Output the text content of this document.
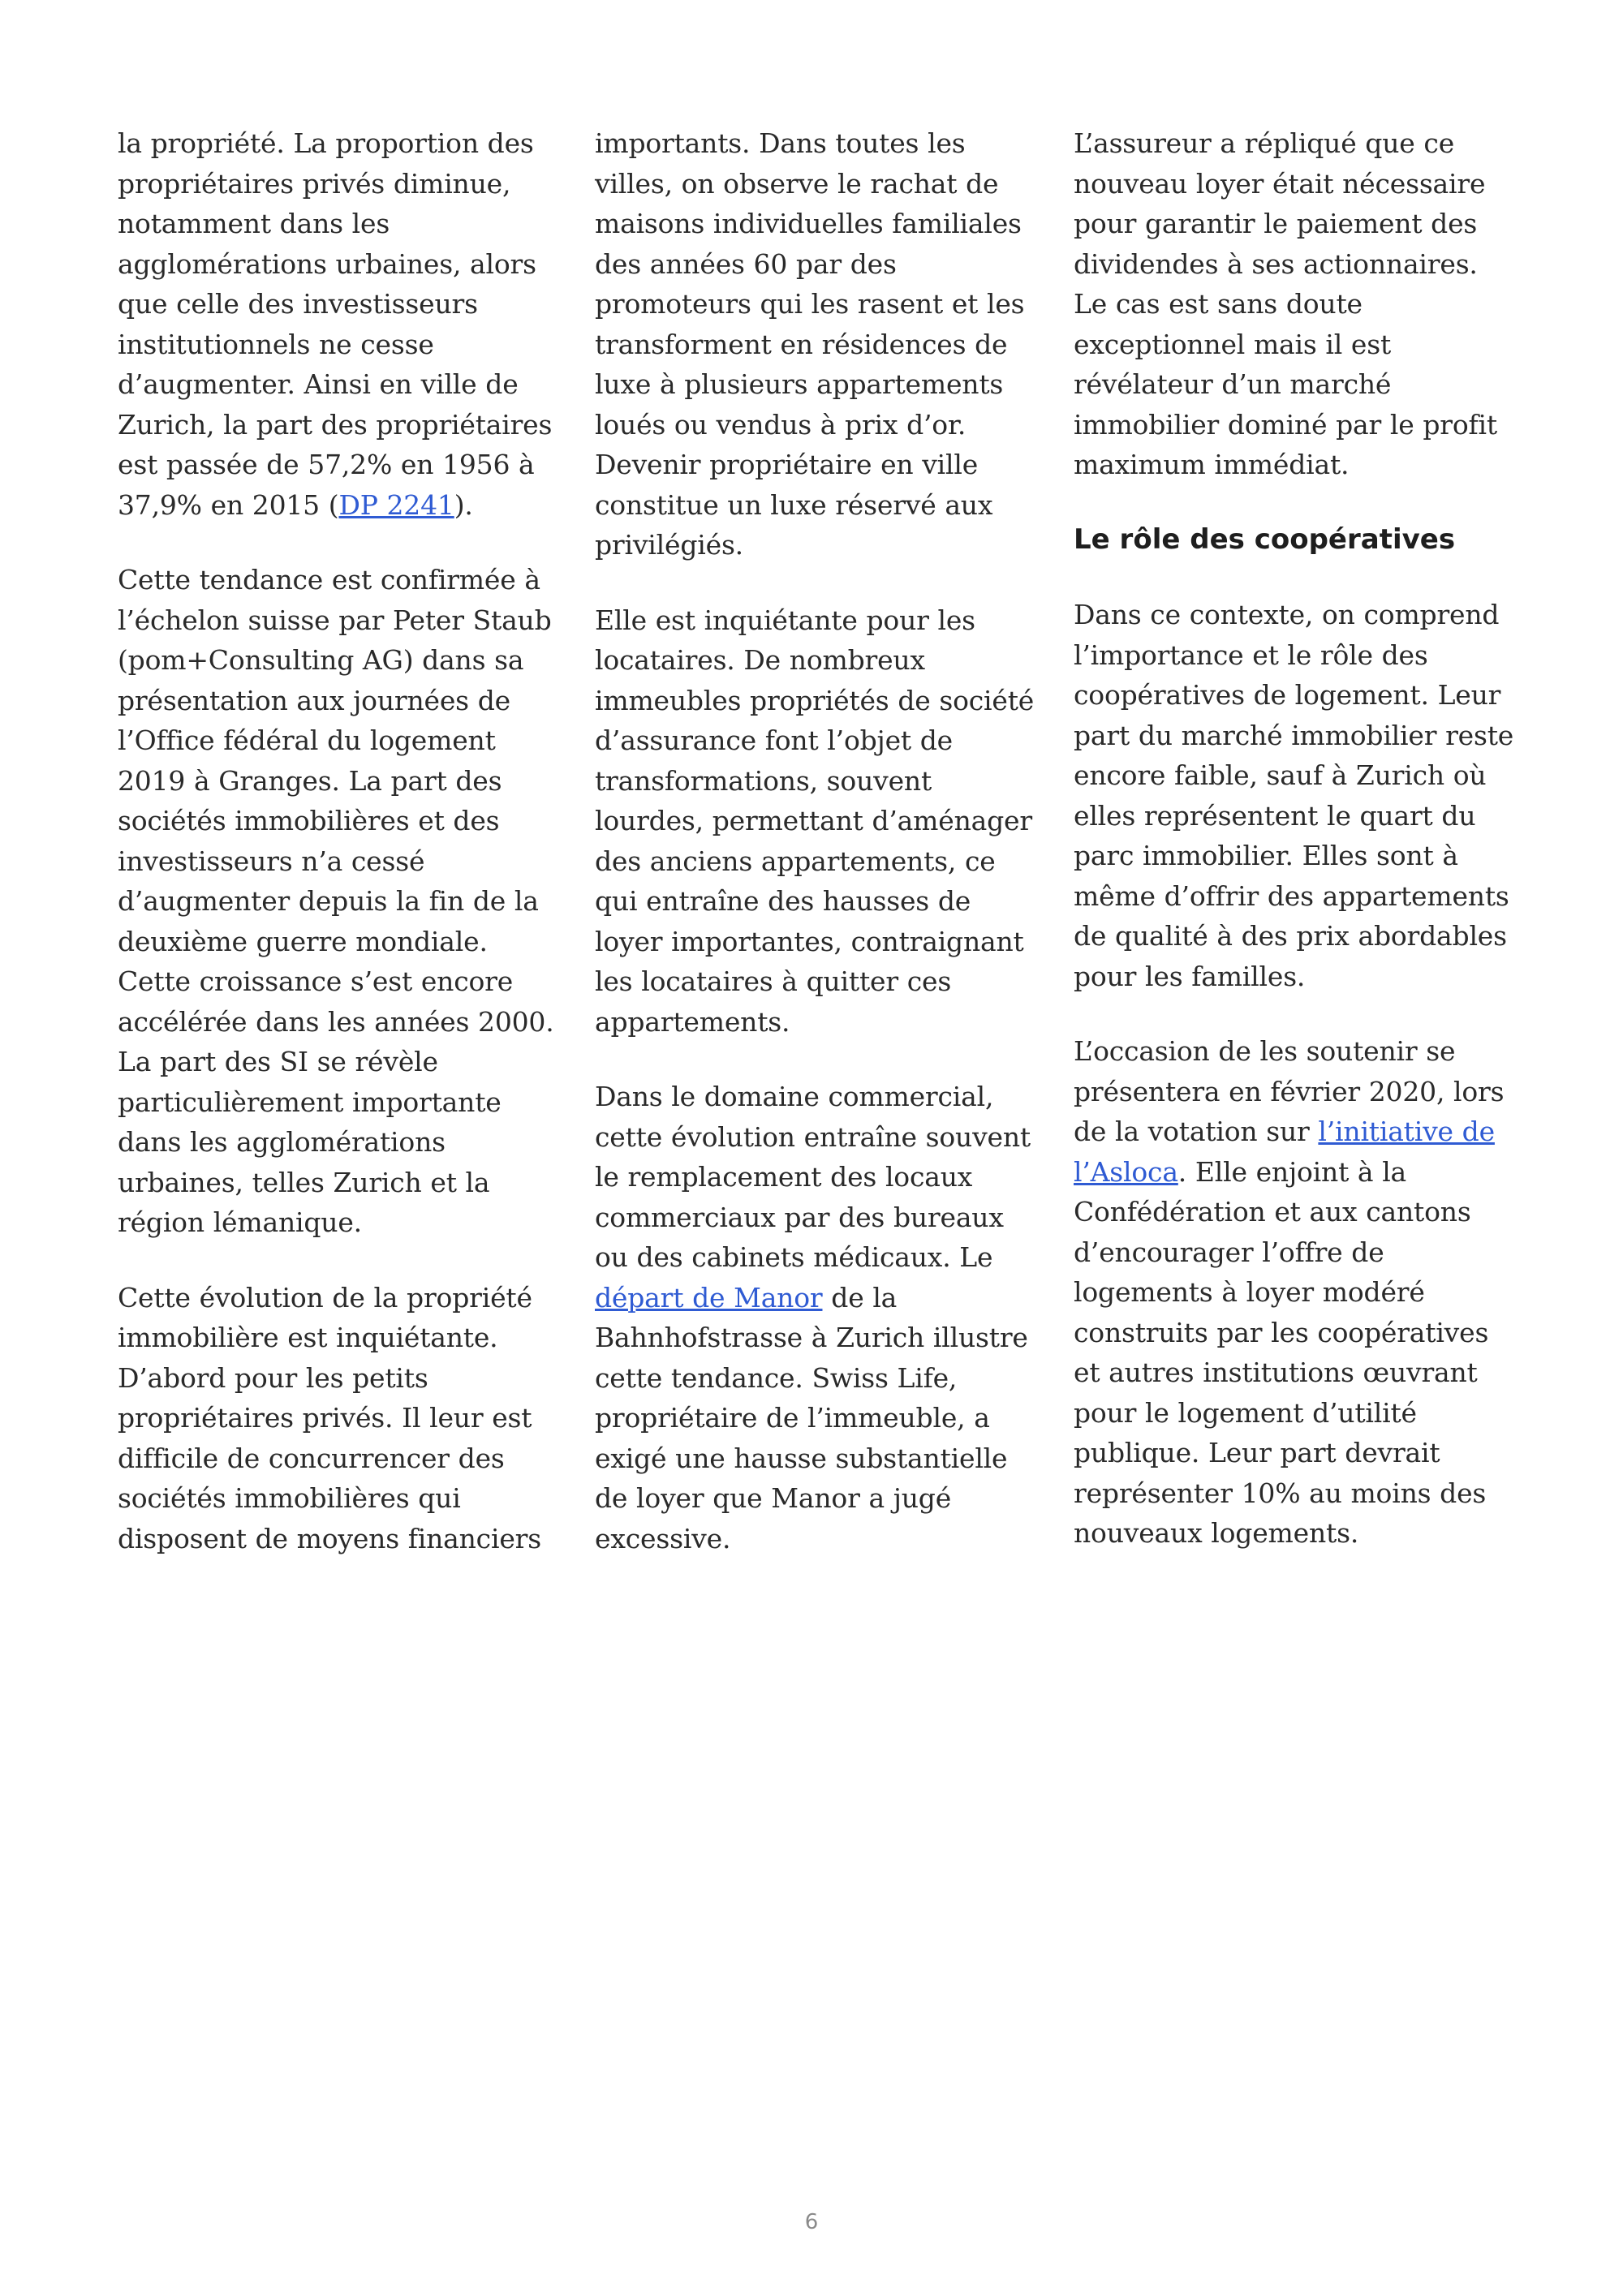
la propriété. La proportion des propriétaires privés diminue, notamment dans les agglomérations urbaines, alors que celle des investisseurs institutionnels ne cesse d’augmenter. Ainsi en ville de Zurich, la part des propriétaires est passée de 57,2% en 1956 à 37,9% en 2015 (DP 2241).

Cette tendance est confirmée à l’échelon suisse par Peter Staub (pom+Consulting AG) dans sa présentation aux journées de l’Office fédéral du logement 2019 à Granges. La part des sociétés immobilières et des investisseurs n’a cessé d’augmenter depuis la fin de la deuxième guerre mondiale. Cette croissance s’est encore accélérée dans les années 2000. La part des SI se révèle particulièrement importante dans les agglomérations urbaines, telles Zurich et la région lémanique.

Cette évolution de la propriété immobilière est inquiétante. D’abord pour les petits propriétaires privés. Il leur est difficile de concurrencer des sociétés immobilières qui disposent de moyens financiers

importants. Dans toutes les villes, on observe le rachat de maisons individuelles familiales des années 60 par des promoteurs qui les rasent et les transforment en résidences de luxe à plusieurs appartements loués ou vendus à prix d’or. Devenir propriétaire en ville constitue un luxe réservé aux privilégiés.

Elle est inquiétante pour les locataires. De nombreux immeubles propriétés de société d’assurance font l’objet de transformations, souvent lourdes, permettant d’aménager des anciens appartements, ce qui entraîne des hausses de loyer importantes, contraignant les locataires à quitter ces appartements.

Dans le domaine commercial, cette évolution entraîne souvent le remplacement des locaux commerciaux par des bureaux ou des cabinets médicaux. Le départ de Manor de la Bahnhofstrasse à Zurich illustre cette tendance. Swiss Life, propriétaire de l’immeuble, a exigé une hausse substantielle de loyer que Manor a jugé excessive.

L’assureur a répliqué que ce nouveau loyer était nécessaire pour garantir le paiement des dividendes à ses actionnaires. Le cas est sans doute exceptionnel mais il est révélateur d’un marché immobilier dominé par le profit maximum immédiat.

Le rôle des coopératives

Dans ce contexte, on comprend l’importance et le rôle des coopératives de logement. Leur part du marché immobilier reste encore faible, sauf à Zurich où elles représentent le quart du parc immobilier. Elles sont à même d’offrir des appartements de qualité à des prix abordables pour les familles.

L’occasion de les soutenir se présentera en février 2020, lors de la votation sur l’initiative de l’Asloca. Elle enjoint à la Confédération et aux cantons d’encourager l’offre de logements à loyer modéré construits par les coopératives et autres institutions œuvrant pour le logement d’utilité publique. Leur part devrait représenter 10% au moins des nouveaux logements.

6
